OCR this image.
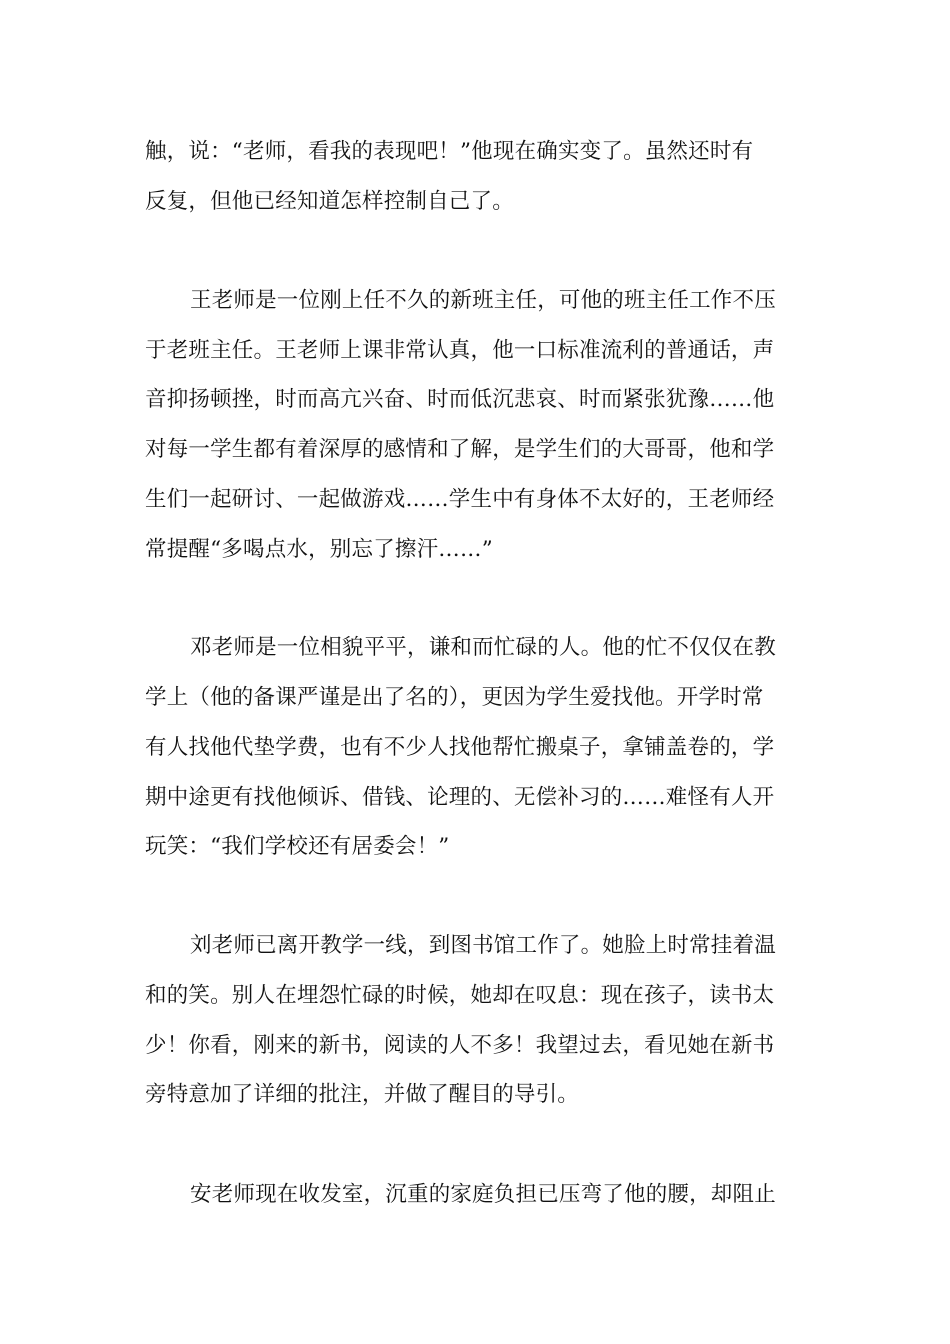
触，说：“老师，看我的表现吧！”他现在确实变了。虽然还时有
反复，但他已经知道怎样控制自己了。
王老师是一位刚上任不久的新班主任，可他的班主任工作不压
于老班主任。王老师上课非常认真，他一口标准流利的普通话，声
音抑扬顿挫，时而高亢兴奋、时而低沉悲哀、时而紧张犹豫……他
对每一学生都有着深厚的感情和了解，是学生们的大哥哥，他和学
生们一起研讨、一起做游戏……学生中有身体不太好的，王老师经
常提醒“多喝点水，别忘了擦汗……”
邓老师是一位相貌平平，谦和而忙碌的人。他的忙不仅仅在教
学上（他的备课严谨是出了名的），更因为学生爱找他。开学时常
有人找他代垫学费，也有不少人找他帮忙搬桌子，拿铺盖卷的，学
期中途更有找他倾诉、借钱、论理的、无偿补习的……难怪有人开
玩笑：“我们学校还有居委会！”
刘老师已离开教学一线，到图书馆工作了。她脸上时常挂着温
和的笑。别人在埋怨忙碌的时候，她却在叹息：现在孩子，读书太
少！你看，刚来的新书，阅读的人不多！我望过去，看见她在新书
旁特意加了详细的批注，并做了醒目的导引。
安老师现在收发室，沉重的家庭负担已压弯了他的腰，却阻止
